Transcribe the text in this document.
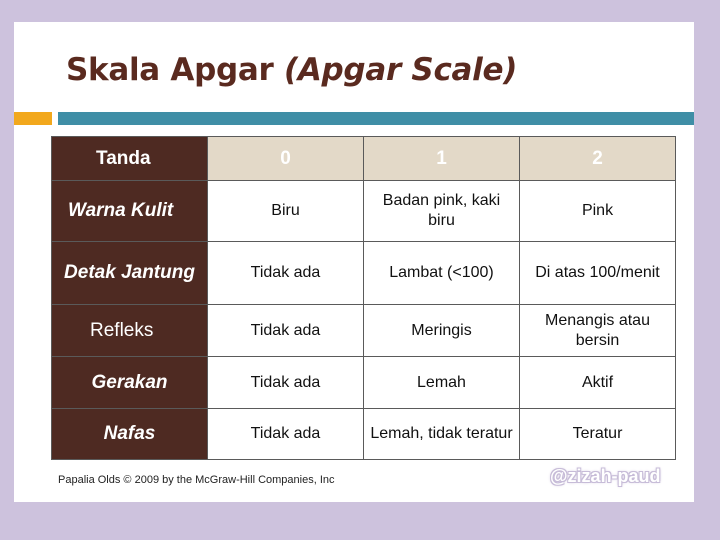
Skala Apgar (Apgar Scale)
Tanda	0	1	2
Warna Kulit	Biru	Badan pink, kaki biru	Pink
Detak Jantung	Tidak ada	Lambat (<100)	Di atas 100/menit
Refleks	Tidak ada	Meringis	Menangis atau bersin
Gerakan	Tidak ada	Lemah	Aktif
Nafas	Tidak ada	Lemah, tidak teratur	Teratur
Papalia Olds © 2009 by the McGraw-Hill Companies, Inc	@zizah-paud
